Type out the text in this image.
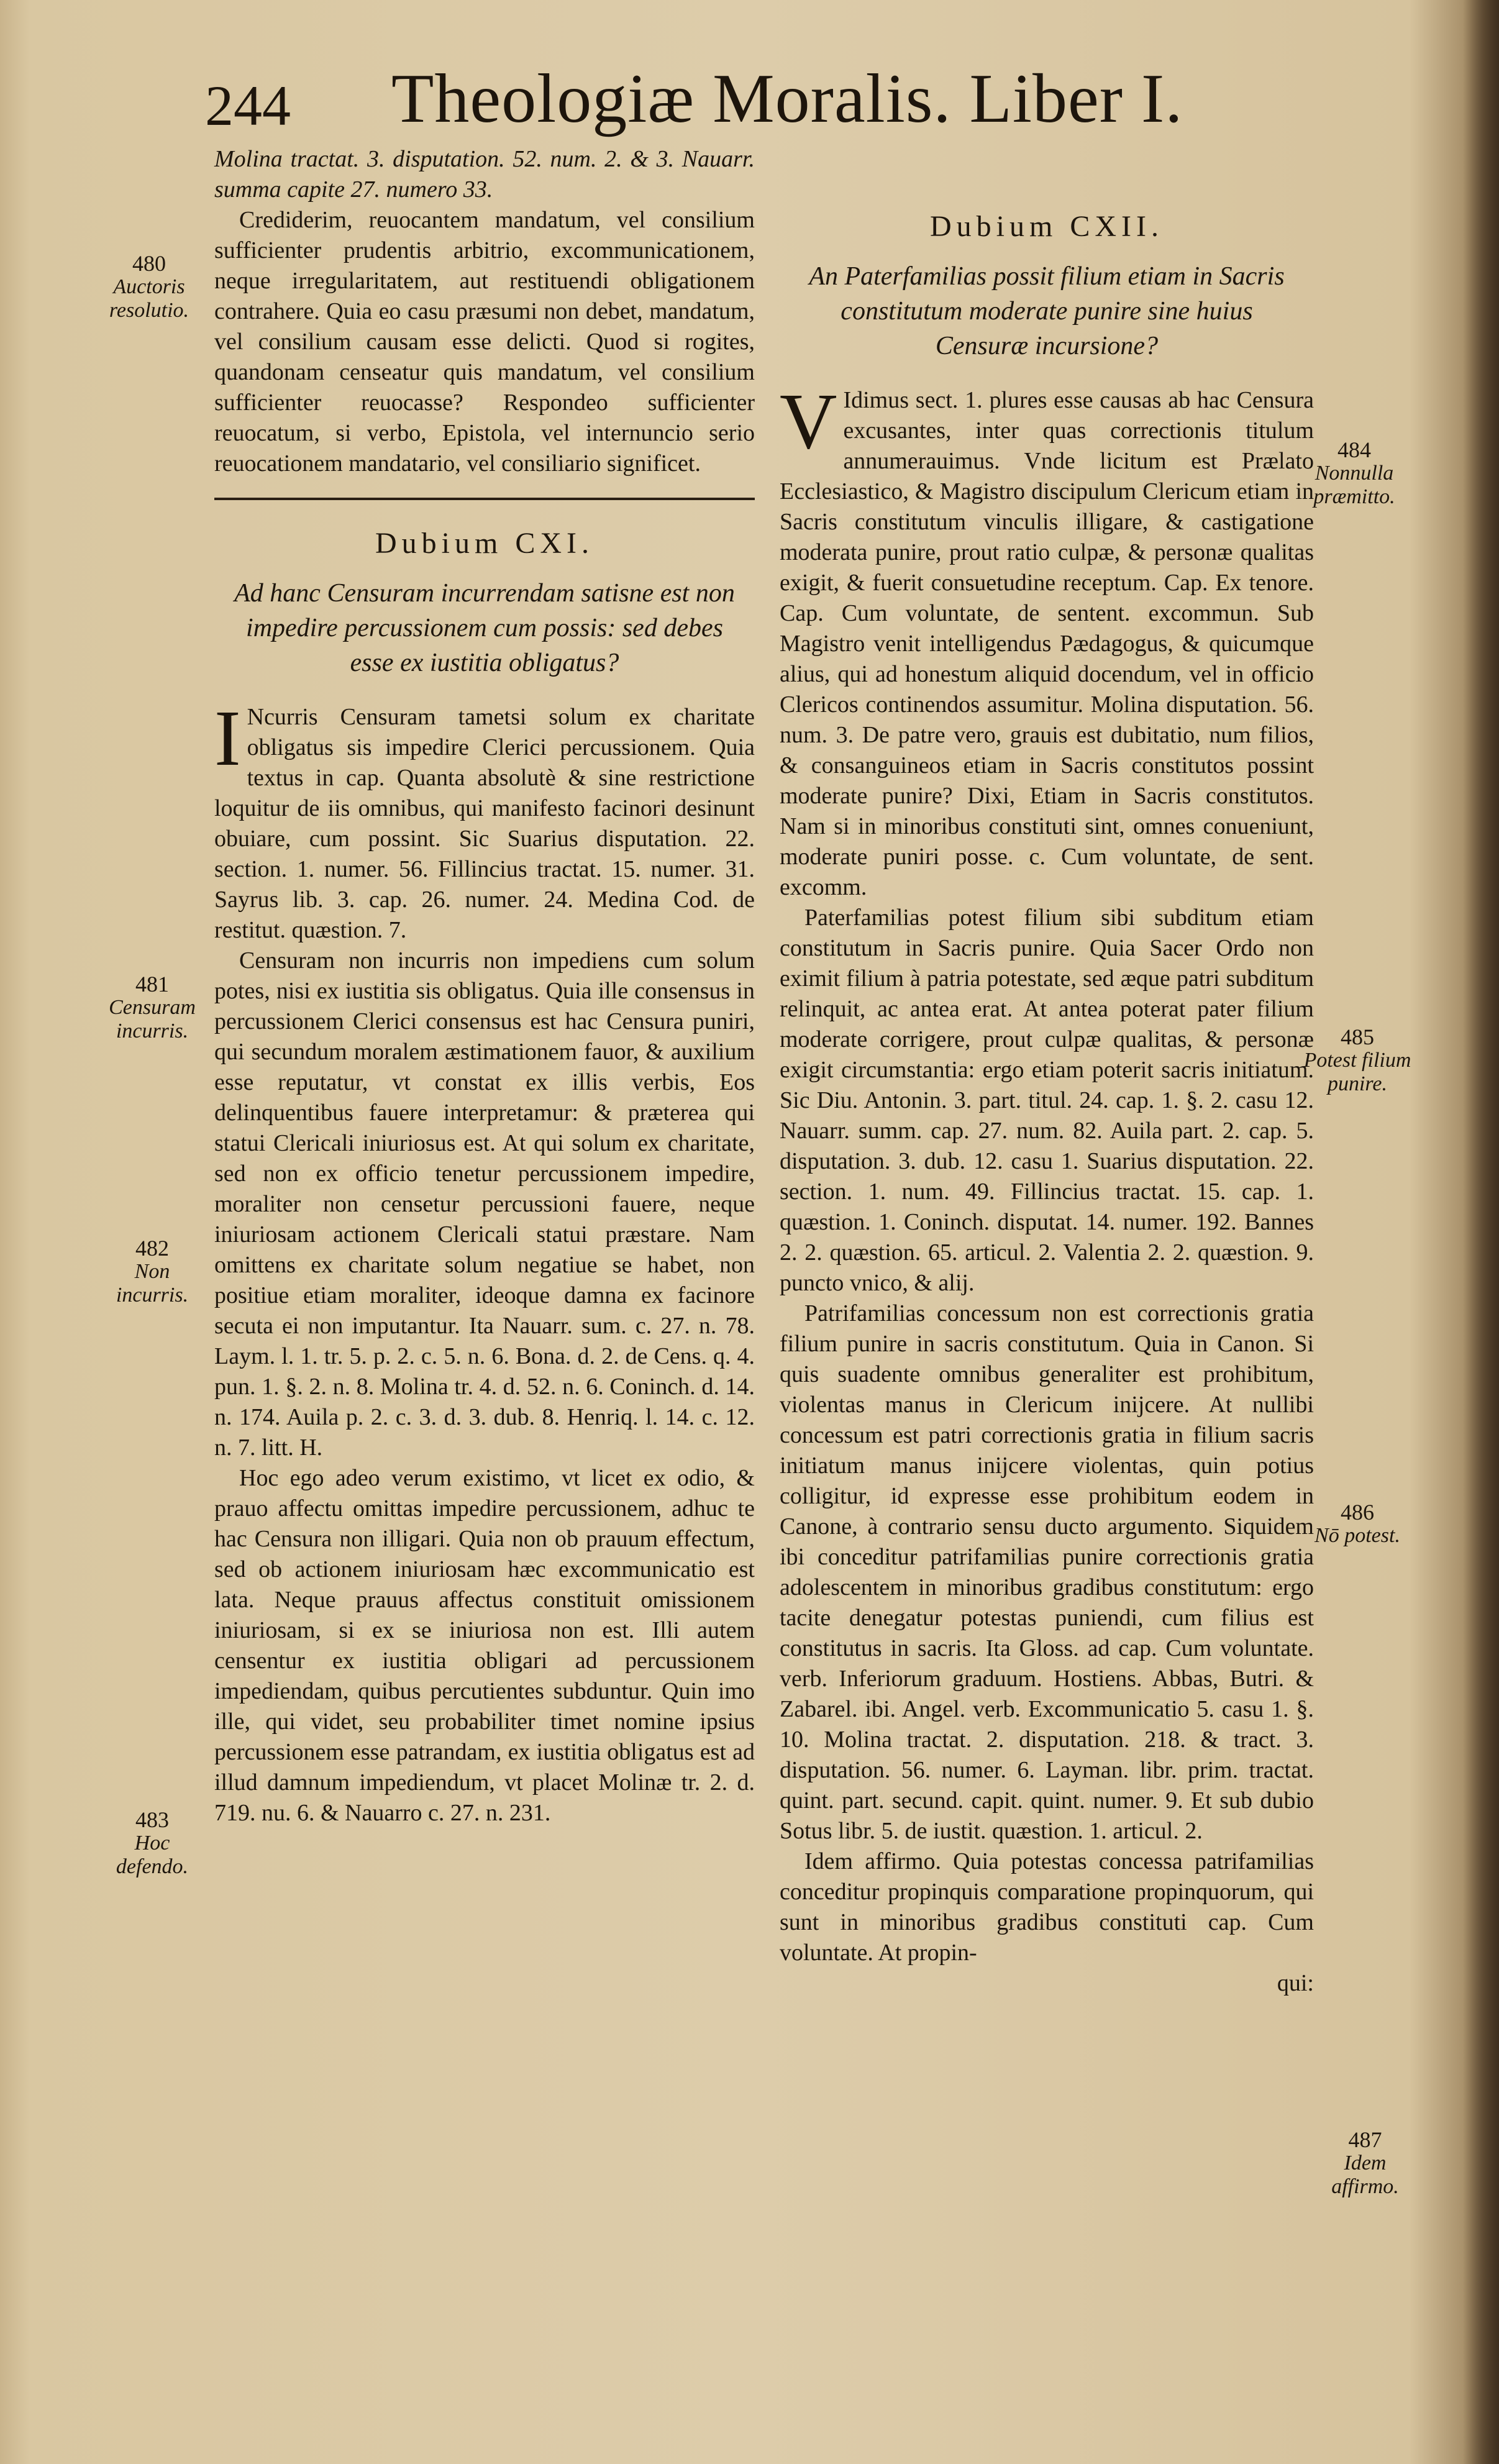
244 Theologiæ Moralis. Liber I.

Molina tractat. 3. disputation. 52. num. 2. & 3. Nauarr. summa capite 27. numero 33.

Crediderim, reuocantem mandatum, vel consilium sufficienter prudentis arbitrio, excommunicationem, neque irregularitatem, aut restituendi obligationem contrahere. Quia eo casu præsumi non debet, mandatum, vel consilium causam esse delicti. Quod si rogites, quandonam censeatur quis mandatum, vel consilium sufficienter reuocasse? Respondeo sufficienter reuocatum, si verbo, Epistola, vel internuncio serio reuocationem mandatario, vel consiliario significet.

Dubium CXI.
Ad hanc Censuram incurrendam satisne est non impedire percussionem cum possis: sed debes esse ex iustitia obligatus?

I Ncurris Censuram tametsi solum ex charitate obligatus sis impedire Clerici percussionem. Quia textus in cap. Quanta absolutè & sine restrictione loquitur de iis omnibus, qui manifesto facinori desinunt obuiare, cum possint. Sic Suarius disputation. 22. section. 1. numer. 56. Fillincius tractat. 15. numer. 31. Sayrus lib. 3. cap. 26. numer. 24. Medina Cod. de restitut. quæstion. 7.

Censuram non incurris non impediens cum solum potes, nisi ex iustitia sis obligatus. Quia ille consensus in percussionem Clerici consensus est hac Censura puniri, qui secundum moralem æstimationem fauor, & auxilium esse reputatur, vt constat ex illis verbis, Eos delinquentibus fauere interpretamur: & præterea qui statui Clericali iniuriosus est. At qui solum ex charitate, sed non ex officio tenetur percussionem impedire, moraliter non censetur percussioni fauere, neque iniuriosam actionem Clericali statui præstare. Nam omittens ex charitate solum negatiue se habet, non positiue etiam moraliter, ideoque damna ex facinore secuta ei non imputantur. Ita Nauarr. sum. c. 27. n. 78. Laym. l. 1. tr. 5. p. 2. c. 5. n. 6. Bona. d. 2. de Cens. q. 4. pun. 1. §. 2. n. 8. Molina tr. 4. d. 52. n. 6. Coninch. d. 14. n. 174. Auila p. 2. c. 3. d. 3. dub. 8. Henriq. l. 14. c. 12. n. 7. litt. H.

Hoc ego adeo verum existimo, vt licet ex odio, & prauo affectu omittas impedire percussionem, adhuc te hac Censura non illigari. Quia non ob prauum effectum, sed ob actionem iniuriosam hæc excommunicatio est lata. Neque prauus affectus constituit omissionem iniuriosam, si ex se iniuriosa non est. Illi autem censentur ex iustitia obligari ad percussionem impediendam, quibus percutientes subduntur. Quin imo ille, qui videt, seu probabiliter timet nomine ipsius percussionem esse patrandam, ex iustitia obligatus est ad illud damnum impediendum, vt placet Molinæ tr. 2. d. 719. nu. 6. & Nauarro c. 27. n. 231.

Dubium CXII.
An Paterfamilias possit filium etiam in Sacris constitutum moderate punire sine huius Censuræ incursione?

V Idimus sect. 1. plures esse causas ab hac Censura excusantes, inter quas correctionis titulum annumerauimus. Vnde licitum est Prælato Ecclesiastico, & Magistro discipulum Clericum etiam in Sacris constitutum vinculis illigare, & castigatione moderata punire, prout ratio culpæ, & personæ qualitas exigit, & fuerit consuetudine receptum. Cap. Ex tenore. Cap. Cum voluntate, de sentent. excommun. Sub Magistro venit intelligendus Pædagogus, & quicumque alius, qui ad honestum aliquid docendum, vel in officio Clericos continendos assumitur. Molina disputation. 56. num. 3. De patre vero, grauis est dubitatio, num filios, & consanguineos etiam in Sacris constitutos possint moderate punire? Dixi, Etiam in Sacris constitutos. Nam si in minoribus constituti sint, omnes conueniunt, moderate puniri posse. c. Cum voluntate, de sent. excomm.

Paterfamilias potest filium sibi subditum etiam constitutum in Sacris punire. Quia Sacer Ordo non eximit filium à patria potestate, sed æque patri subditum relinquit, ac antea erat. At antea poterat pater filium moderate corrigere, prout culpæ qualitas, & personæ exigit circumstantia: ergo etiam poterit sacris initiatum. Sic Diu. Antonin. 3. part. titul. 24. cap. 1. §. 2. casu 12. Nauarr. summ. cap. 27. num. 82. Auila part. 2. cap. 5. disputation. 3. dub. 12. casu 1. Suarius disputation. 22. section. 1. num. 49. Fillincius tractat. 15. cap. 1. quæstion. 1. Coninch. disputat. 14. numer. 192. Bannes 2. 2. quæstion. 65. articul. 2. Valentia 2. 2. quæstion. 9. puncto vnico, & alij.

Patrifamilias concessum non est correctionis gratia filium punire in sacris constitutum. Quia in Canon. Si quis suadente omnibus generaliter est prohibitum, violentas manus in Clericum inijcere. At nullibi concessum est patri correctionis gratia in filium sacris initiatum manus inijcere violentas, quin potius colligitur, id expresse esse prohibitum eodem in Canone, à contrario sensu ducto argumento. Siquidem ibi conceditur patrifamilias punire correctionis gratia adolescentem in minoribus gradibus constitutum: ergo tacite denegatur potestas puniendi, cum filius est constitutus in sacris. Ita Gloss. ad cap. Cum voluntate. verb. Inferiorum graduum. Hostiens. Abbas, Butri. & Zabarel. ibi. Angel. verb. Excommunicatio 5. casu 1. §. 10. Molina tractat. 2. disputation. 218. & tract. 3. disputation. 56. numer. 6. Layman. libr. prim. tractat. quint. part. secund. capit. quint. numer. 9. Et sub dubio Sotus libr. 5. de iustit. quæstion. 1. articul. 2.

Idem affirmo. Quia potestas concessa patrifamilias conceditur propinquis comparatione propinquorum, qui sunt in minoribus gradibus constituti cap. Cum voluntate. At propin-

qui:

480
Auctoris resolutio.
481
Censuram incurris.
482
Non incurris.
483
Hoc defendo.
484
Nonnulla præmitto.
485
Potest filium punire.
486
Nō potest.
487
Idem affirmo.
